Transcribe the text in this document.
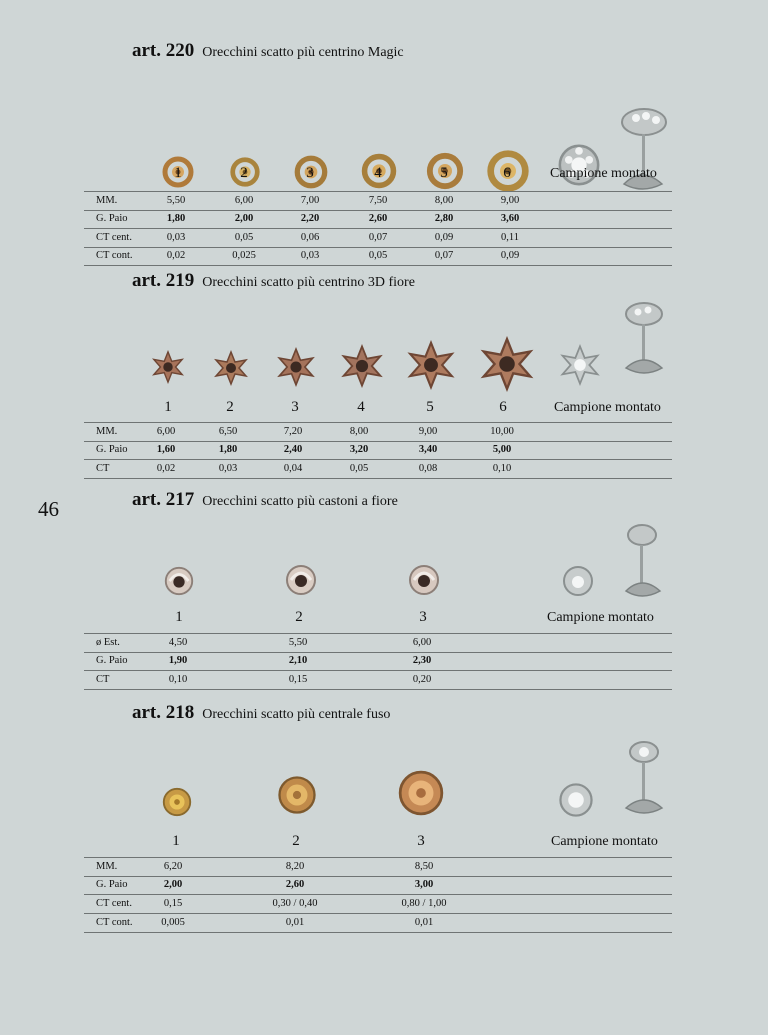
46
art. 220 Orecchini scatto più centrino Magic
1	2	3	4	5	6	Campione montato
MM.	5,50	6,00	7,00	7,50	8,00	9,00
G. Paio	1,80	2,00	2,20	2,60	2,80	3,60
CT cent.	0,03	0,05	0,06	0,07	0,09	0,11
CT cont.	0,02	0,025	0,03	0,05	0,07	0,09
art. 219 Orecchini scatto più centrino 3D fiore
1	2	3	4	5	6	Campione montato
MM.	6,00	6,50	7,20	8,00	9,00	10,00
G. Paio	1,60	1,80	2,40	3,20	3,40	5,00
CT	0,02	0,03	0,04	0,05	0,08	0,10
art. 217 Orecchini scatto più castoni a fiore
1	2	3	Campione montato
ø Est.	4,50	5,50	6,00
G. Paio	1,90	2,10	2,30
CT	0,10	0,15	0,20
art. 218 Orecchini scatto più centrale fuso
1	2	3	Campione montato
MM.	6,20	8,20	8,50
G. Paio	2,00	2,60	3,00
CT cent.	0,15	0,30 / 0,40	0,80 / 1,00
CT cont.	0,005	0,01	0,01
